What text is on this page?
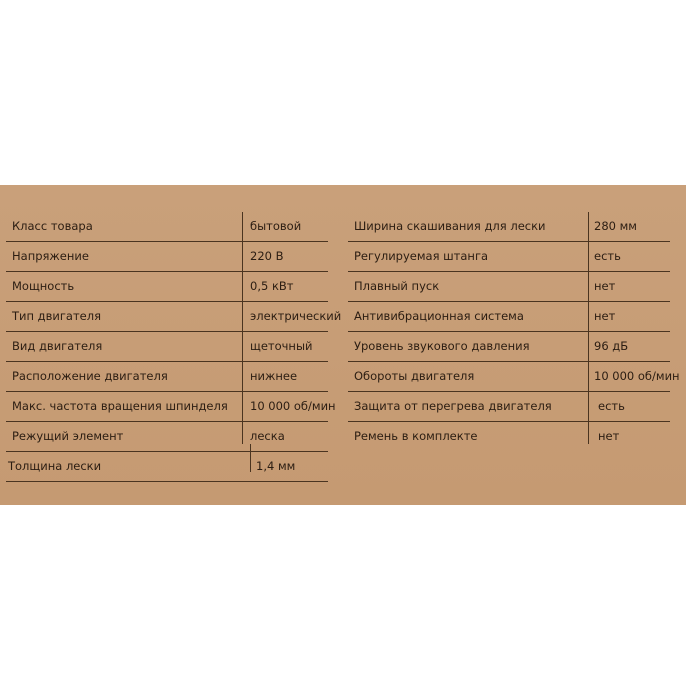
Класс товара	бытовой
Напряжение	220 В
Мощность	0,5 кВт
Тип двигателя	электрический
Вид двигателя	щеточный
Расположение двигателя	нижнее
Макс. частота вращения шпинделя 10 000 об/мин
Режущий элемент	леска
Толщина лески	1,4 мм
Ширина скашивания для лески	280 мм
Регулируемая штанга	есть
Плавный пуск	нет
Антивибрационная система	нет
Уровень звукового давления	96 дБ
Обороты двигателя	10 000 об/мин
Защита от перегрева двигателя	есть
Ремень в комплекте	нет
